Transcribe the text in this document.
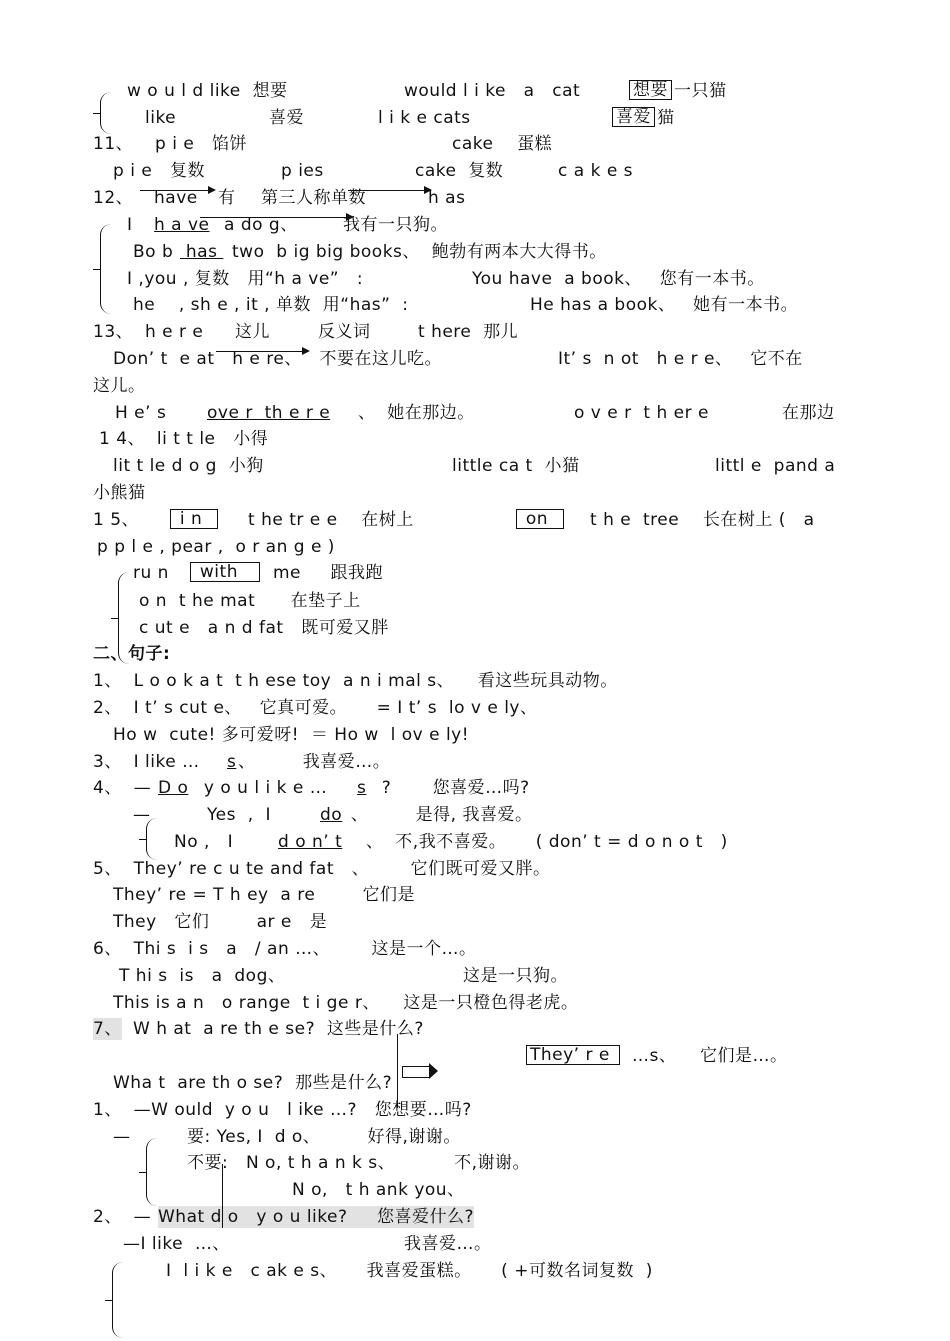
w o u l d like  想要	would l i ke   a   cat	想要 一只猫
like	喜爱	l i k e cats	喜爱 猫
11、 p i e   馅饼	cake    蛋糕
p i e   复数	p ies	cake  复数	c a k e s
12、 have 有 第三人称单数	h as
I h a ve a do g、	我有一只狗。
Bo b has two  b ig big books、  鲍勃有两本大大得书。
I ,you , 复数   用“h a ve”   :	You have  a book、   您有一本书。
he    , sh e , it , 单数  用“has”  :	He has a book、   她有一本书。
13、 h e r e 这儿	反义词	t here  那儿
Don’ t  e at   h e re、   不要在这儿吃。	It’ s  n ot   h e r e、   它不在
这儿。
H e’ s ove r  th e r e 、  她在那边。	o v e r  t h er e	在那边
1 4、  li t t le   小得
lit t le d o g  小狗	little ca t  小猫	littl e  pand a
小熊猫
1 5、 i n t he tr e e    在树上	on t h e  tree    长在树上 (   a
p p l e , pear ,  o r an g e )
ru n with me     跟我跑
o n  t he mat      在垫子上
c ut e   a n d fat   既可爱又胖
二、句子:
1、  L o o k a t  t h ese toy  a n i mal s、    看这些玩具动物。
2、  I t’ s cut e、   它真可爱。     = I t’ s  lo v e ly、
Ho w  cute! 多可爱呀!  ＝ Ho w  l ov e ly!
3、  I like … s 、        我喜爱…。
4、  — D o y o u l i k e … s ?       您喜爱…吗?
—	Yes  ,  I	do 、        是得, 我喜爱。
No ,   I	d o n’ t 、  不,我不喜爱。     ( don’ t = d o n o t   )
5、  They’ re c u te and fat   、       它们既可爱又胖。
They’ re = T h ey  a re        它们是
They   它们        ar e   是
6、  Thi s  i s   a   / an …、       这是一个…。
T hi s  is   a  dog、	这是一只狗。
This is a n   o range  t i ge r、    这是一只橙色得老虎。
7、 W h at  a re th e se?  这些是什么?
They’ r e …s、    它们是…。
Wha t  are th o se?  那些是什么?
1、  —W ould  y o u   l ike …?   您想要…吗?
—	要: Yes, I  d o、        好得,谢谢。
不要:   N o, t h a n k s、          不,谢谢。
N o,   t h ank you、
2、  — What d o   y o u like?     您喜爱什么?
—I like  …、	我喜爱…。
I  l i k e   c ak e s、     我喜爱蛋糕。     ( +可数名词复数  )
